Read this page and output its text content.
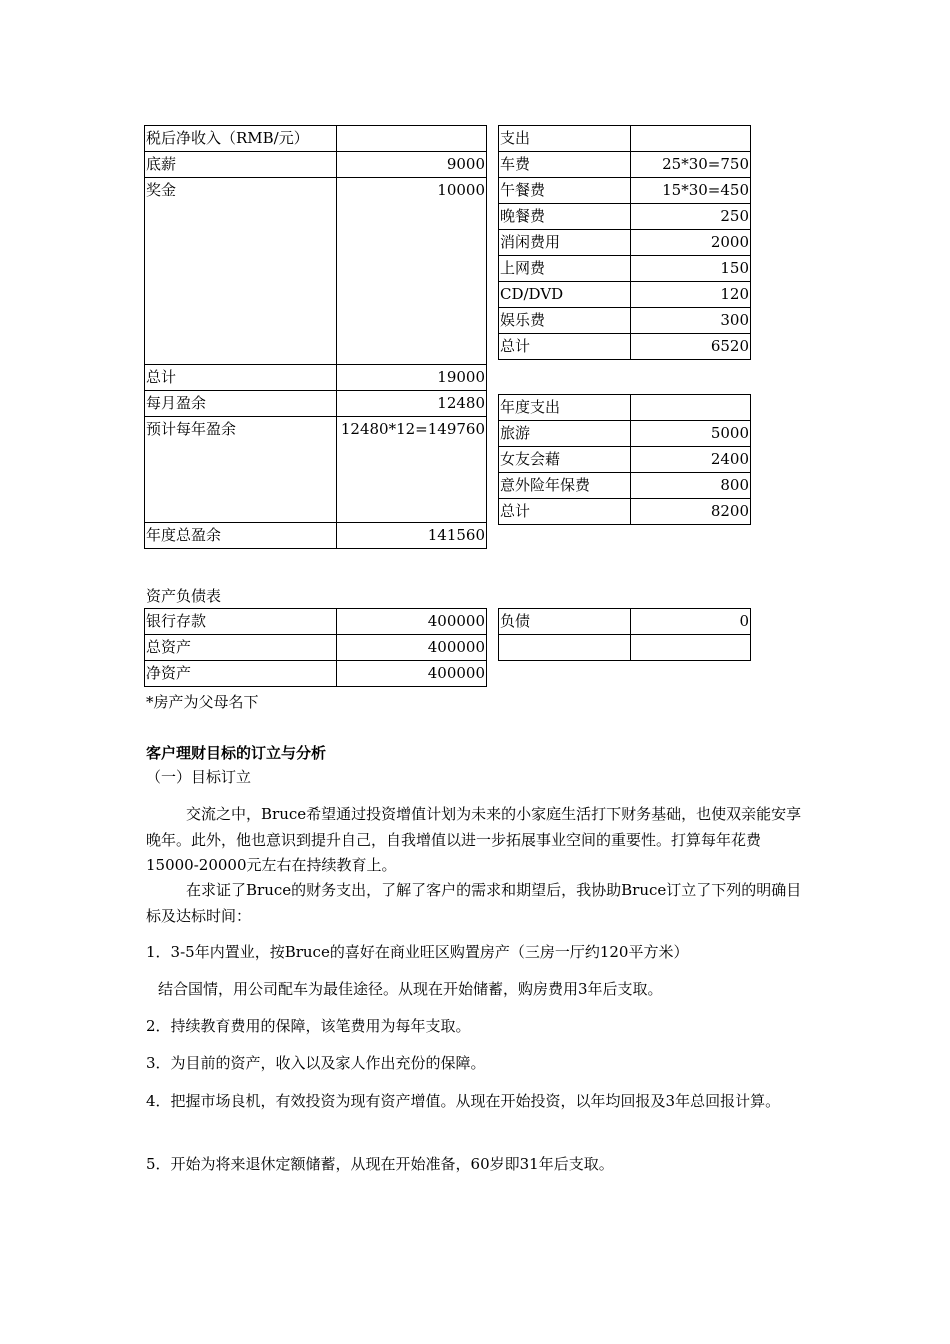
税后净收入（RMB/元）	
底薪	9000
奖金	10000
总计	19000
每月盈余	12480
预计每年盈余	12480*12=149760
年度总盈余	141560
支出	
车费	25*30=750
午餐费	15*30=450
晚餐费	250
消闲费用	2000
上网费	150
CD/DVD	120
娱乐费	300
总计	6520
年度支出	
旅游	5000
女友会藉	2400
意外险年保费	800
总计	8200
资产负债表
银行存款	400000
总资产	400000
净资产	400000
负债	0

*房产为父母名下
客户理财目标的订立与分析
（一）目标订立
交流之中，Bruce希望通过投资增值计划为未来的小家庭生活打下财务基础，也使双亲能安享晚年。此外，他也意识到提升自己，自我增值以进一步拓展事业空间的重要性。打算每年花费15000-20000元左右在持续教育上。
在求证了Bruce的财务支出，了解了客户的需求和期望后，我协助Bruce订立了下列的明确目标及达标时间：
1．3-5年内置业，按Bruce的喜好在商业旺区购置房产（三房一厅约120平方米）
结合国情，用公司配车为最佳途径。从现在开始储蓄，购房费用3年后支取。
2．持续教育费用的保障，该笔费用为每年支取。
3．为目前的资产，收入以及家人作出充份的保障。
4．把握市场良机，有效投资为现有资产增值。从现在开始投资，以年均回报及3年总回报计算。
5．开始为将来退休定额储蓄，从现在开始准备，60岁即31年后支取。
